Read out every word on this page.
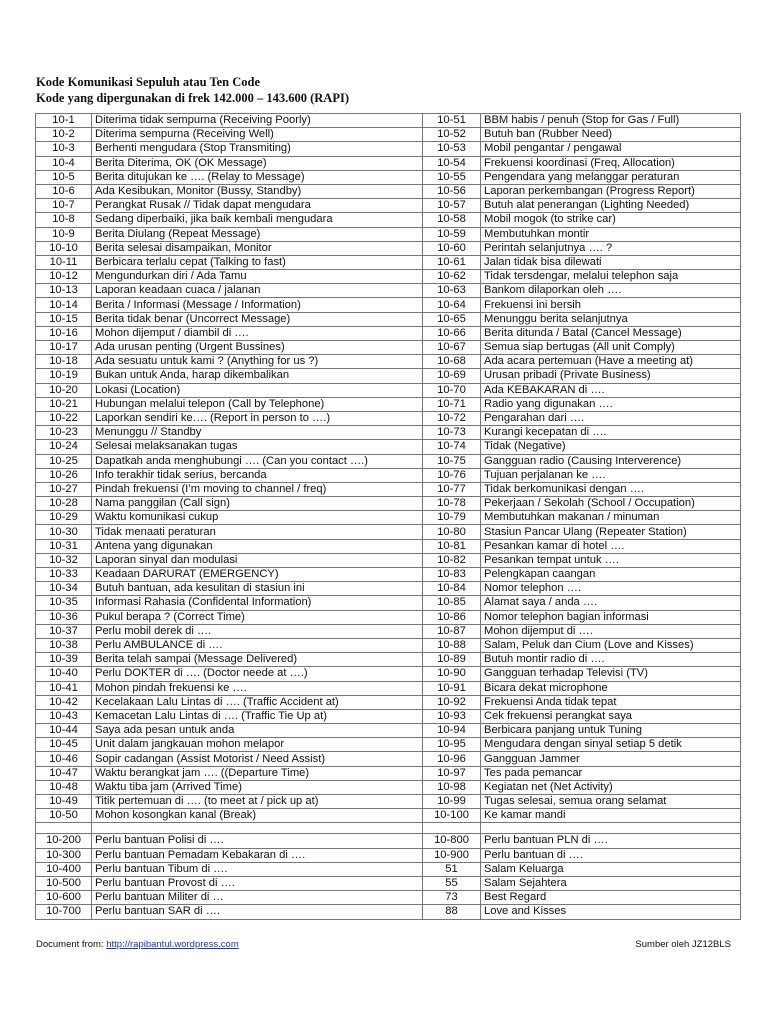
Kode Komunikasi Sepuluh atau Ten Code
Kode yang dipergunakan di frek 142.000 – 143.600 (RAPI)
10-1	Diterima tidak sempurna (Receiving Poorly)	10-51	BBM habis / penuh (Stop for Gas / Full)
10-2	Diterima sempurna (Receiving Well)	10-52	Butuh ban (Rubber Need)
10-3	Berhenti mengudara (Stop Transmiting)	10-53	Mobil pengantar / pengawal
10-4	Berita Diterima, OK (OK Message)	10-54	Frekuensi koordinasi (Freq, Allocation)
10-5	Berita ditujukan ke …. (Relay to Message)	10-55	Pengendara yang melanggar peraturan
10-6	Ada Kesibukan, Monitor (Bussy, Standby)	10-56	Laporan perkembangan (Progress Report)
10-7	Perangkat Rusak // Tidak dapat mengudara	10-57	Butuh alat penerangan (Lighting Needed)
10-8	Sedang diperbaiki, jika baik kembali mengudara	10-58	Mobil mogok (to strike car)
10-9	Berita Diulang (Repeat Message)	10-59	Membutuhkan montir
10-10	Berita selesai disampaikan, Monitor	10-60	Perintah selanjutnya …. ?
10-11	Berbicara terlalu cepat (Talking to fast)	10-61	Jalan tidak bisa dilewati
10-12	Mengundurkan diri / Ada Tamu	10-62	Tidak tersdengar, melalui telephon saja
10-13	Laporan keadaan cuaca / jalanan	10-63	Bankom dilaporkan oleh ….
10-14	Berita / Informasi (Message / Information)	10-64	Frekuensi ini bersih
10-15	Berita tidak benar (Uncorrect Message)	10-65	Menunggu berita selanjutnya
10-16	Mohon dijemput / diambil di ….	10-66	Berita ditunda / Batal (Cancel Message)
10-17	Ada urusan penting (Urgent Bussines)	10-67	Semua siap bertugas (All unit Comply)
10-18	Ada sesuatu untuk kami ? (Anything for us ?)	10-68	Ada acara pertemuan (Have a meeting at)
10-19	Bukan untuk Anda, harap dikembalikan	10-69	Urusan pribadi (Private Business)
10-20	Lokasi (Location)	10-70	Ada KEBAKARAN di ….
10-21	Hubungan melalui telepon (Call by Telephone)	10-71	Radio yang digunakan ….
10-22	Laporkan sendiri ke…. (Report in person to ….)	10-72	Pengarahan dari ….
10-23	Menunggu // Standby	10-73	Kurangi kecepatan di ….
10-24	Selesai melaksanakan tugas	10-74	Tidak (Negative)
10-25	Dapatkah anda menghubungi …. (Can you contact ….)	10-75	Gangguan radio (Causing Interverence)
10-26	Info terakhir tidak serius, bercanda	10-76	Tujuan perjalanan ke ….
10-27	Pindah frekuensi (I’m moving to channel / freq)	10-77	Tidak berkomunikasi dengan ….
10-28	Nama panggilan (Call sign)	10-78	Pekerjaan / Sekolah (School / Occupation)
10-29	Waktu komunikasi cukup	10-79	Membutuhkan makanan / minuman
10-30	Tidak menaati peraturan	10-80	Stasiun Pancar Ulang (Repeater Station)
10-31	Antena yang digunakan	10-81	Pesankan kamar di hotel ….
10-32	Laporan sinyal dan modulasi	10-82	Pesankan tempat untuk ….
10-33	Keadaan DARURAT (EMERGENCY)	10-83	Pelengkapan caangan
10-34	Butuh bantuan, ada kesulitan di stasiun ini	10-84	Nomor telephon ….
10-35	Informasi Rahasia (Confidental Information)	10-85	Alamat saya / anda ….
10-36	Pukul berapa ? (Correct Time)	10-86	Nomor telephon bagian informasi
10-37	Perlu mobil derek di ….	10-87	Mohon dijemput di ….
10-38	Perlu AMBULANCE di ….	10-88	Salam, Peluk dan Cium (Love and Kisses)
10-39	Berita telah sampai (Message Delivered)	10-89	Butuh montir radio di ….
10-40	Perlu DOKTER di …. (Doctor neede at ….)	10-90	Gangguan terhadap Televisi (TV)
10-41	Mohon pindah frekuensi ke ….	10-91	Bicara dekat microphone
10-42	Kecelakaan Lalu Lintas di …. (Traffic Accident at)	10-92	Frekuensi Anda tidak tepat
10-43	Kemacetan Lalu Lintas di …. (Traffic Tie Up at)	10-93	Cek frekuensi perangkat saya
10-44	Saya ada pesan untuk anda	10-94	Berbicara panjang untuk Tuning
10-45	Unit dalam jangkauan mohon melapor	10-95	Mengudara dengan sinyal setiap 5 detik
10-46	Sopir cadangan (Assist Motorist / Need Assist)	10-96	Gangguan Jammer
10-47	Waktu berangkat jam …. ((Departure Time)	10-97	Tes pada pemancar
10-48	Waktu tiba jam (Arrived Time)	10-98	Kegiatan net (Net Activity)
10-49	Titik pertemuan di …. (to meet at / pick up at)	10-99	Tugas selesai, semua orang selamat
10-50	Mohon kosongkan kanal (Break)	10-100	Ke kamar mandi

10-200	Perlu bantuan Polisi di ….	10-800	Perlu bantuan PLN di ….
10-300	Perlu bantuan Pemadam Kebakaran di ….	10-900	Perlu bantuan di ….
10-400	Perlu bantuan Tibum di ….	51	Salam Keluarga
10-500	Perlu bantuan Provost di ….	55	Salam Sejahtera
10-600	Perlu bantuan Militer di …	73	Best Regard
10-700	Perlu bantuan SAR di ….	88	Love and Kisses
Document from: http://rapibantul.wordpress.com	Sumber oleh JZ12BLS
